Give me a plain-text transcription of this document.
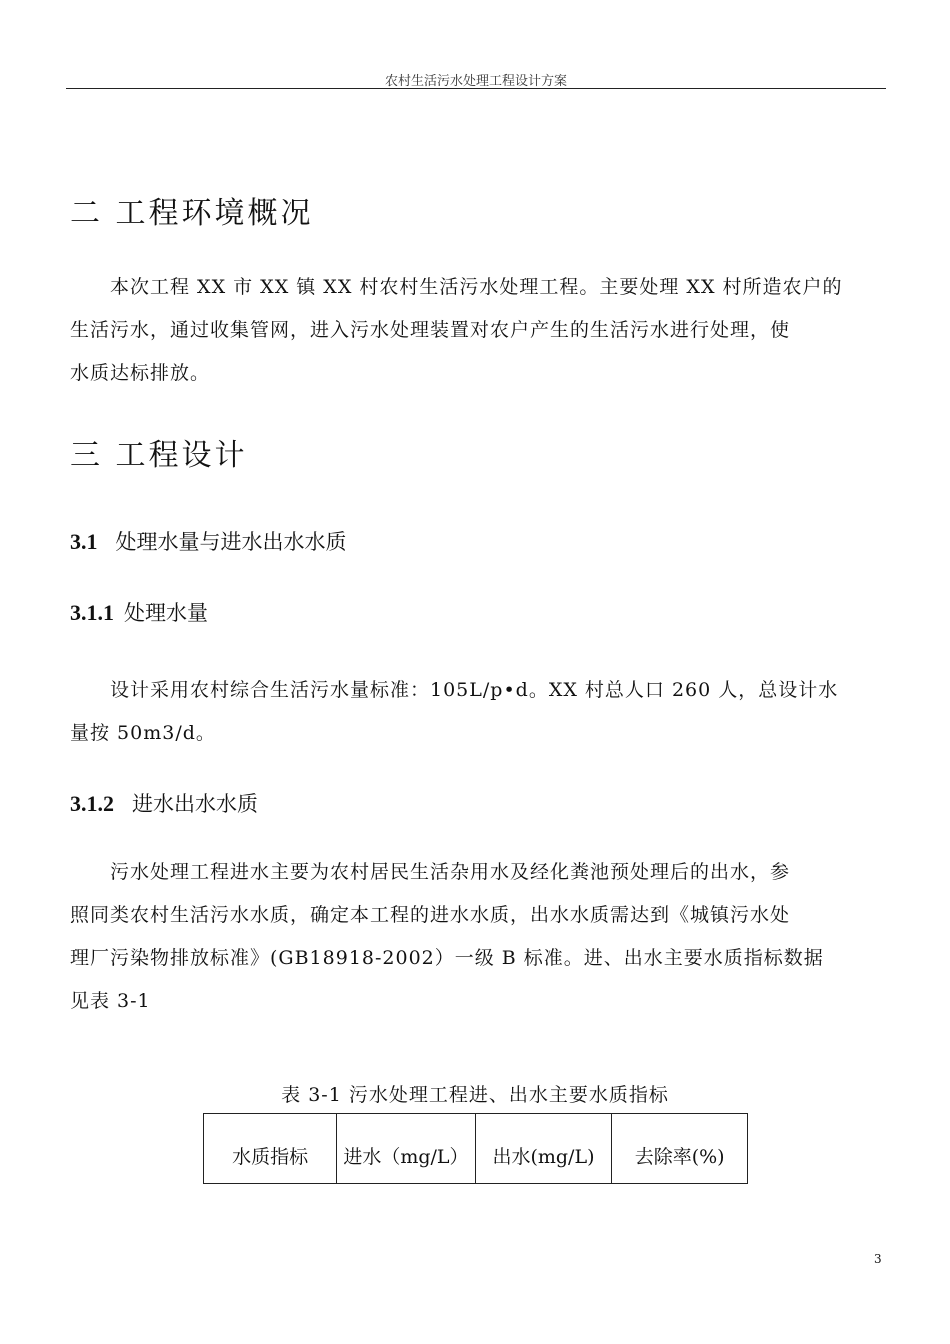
农村生活污水处理工程设计方案
二 工程环境概况
本次工程 XX 市 XX 镇 XX 村农村生活污水处理工程。主要处理 XX 村所造农户的
生活污水，通过收集管网，进入污水处理装置对农户产生的生活污水进行处理，使
水质达标排放。
三 工程设计
3.1 处理水量与进水出水水质
3.1.1 处理水量
设计采用农村综合生活污水量标准：105L/p•d。XX 村总人口 260 人，总设计水
量按 50m3/d。
3.1.2 进水出水水质
污水处理工程进水主要为农村居民生活杂用水及经化粪池预处理后的出水，参
照同类农村生活污水水质，确定本工程的进水水质，出水水质需达到《城镇污水处
理厂污染物排放标准》(GB18918-2002）一级 B 标准。进、出水主要水质指标数据
见表 3-1
表 3-1 污水处理工程进、出水主要水质指标
水质指标	进水（mg/L）	出水(mg/L)	去除率(%)
3
